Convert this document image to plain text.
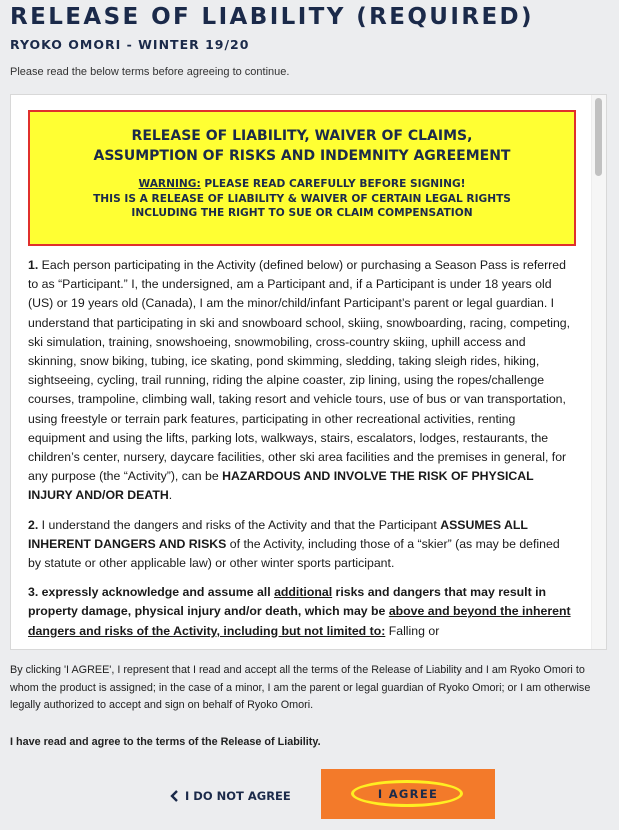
RELEASE OF LIABILITY (REQUIRED)
RYOKO OMORI - WINTER 19/20
Please read the below terms before agreeing to continue.
RELEASE OF LIABILITY, WAIVER OF CLAIMS,
ASSUMPTION OF RISKS AND INDEMNITY AGREEMENT
WARNING: PLEASE READ CAREFULLY BEFORE SIGNING!
THIS IS A RELEASE OF LIABILITY & WAIVER OF CERTAIN LEGAL RIGHTS
INCLUDING THE RIGHT TO SUE OR CLAIM COMPENSATION

1. Each person participating in the Activity (defined below) or purchasing a Season Pass is referred to as “Participant.” I, the undersigned, am a Participant and, if a Participant is under 18 years old (US) or 19 years old (Canada), I am the minor/child/infant Participant’s parent or legal guardian. I understand that participating in ski and snowboard school, skiing, snowboarding, racing, competing, ski simulation, training, snowshoeing, snowmobiling, cross-country skiing, uphill access and skinning, snow biking, tubing, ice skating, pond skimming, sledding, taking sleigh rides, hiking, sightseeing, cycling, trail running, riding the alpine coaster, zip lining, using the ropes/challenge courses, trampoline, climbing wall, taking resort and vehicle tours, use of bus or van transportation, using freestyle or terrain park features, participating in other recreational activities, renting equipment and using the lifts, parking lots, walkways, stairs, escalators, lodges, restaurants, the children’s center, nursery, daycare facilities, other ski area facilities and the premises in general, for any purpose (the “Activity”), can be HAZARDOUS AND INVOLVE THE RISK OF PHYSICAL INJURY AND/OR DEATH.

2. I understand the dangers and risks of the Activity and that the Participant ASSUMES ALL INHERENT DANGERS AND RISKS of the Activity, including those of a “skier” (as may be defined by statute or other applicable law) or other winter sports participant.

3. expressly acknowledge and assume all additional risks and dangers that may result in property damage, physical injury and/or death, which may be above and beyond the inherent dangers and risks of the Activity, including but not limited to: Falling or

By clicking 'I AGREE', I represent that I read and accept all the terms of the Release of Liability and I am Ryoko Omori to whom the product is assigned; in the case of a minor, I am the parent or legal guardian of Ryoko Omori; or I am otherwise legally authorized to accept and sign on behalf of Ryoko Omori.
I have read and agree to the terms of the Release of Liability.
I DO NOT AGREE	I AGREE
